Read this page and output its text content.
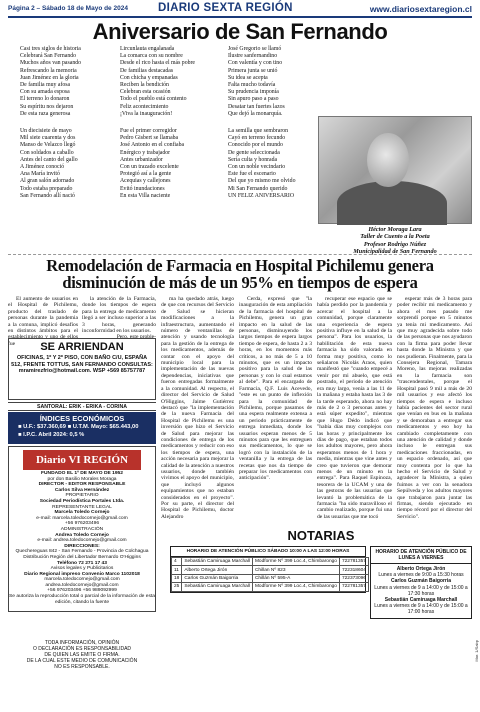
Página 2 – Sábado 18 de Mayo de 2024	DIARIO SEXTA REGIÓN	www.diariosextaregion.cl
Aniversario de San Fernando
Casi tres siglos de historia
Celebrará San Fernando
Muchos años van pasando
Refrescando la memoria
Juan Jiménez en la gloria
De familia muy afosa
Con su amada esposa
El terreno lo donaron
Su espíritu nos dejaron
De esta raza generosa
Lircunlauta engalanada
La comarca con su nombre
Desde el rico hasta el más pobre
De familias destacadas
Con chicha y empanadas
Reciben la bendición
Celebran esta ocasión
Todo el pueblo está contento
Feliz acontecimiento
¡Viva la inauguración!
José Gregorio se llamó
Ilustre sanfernandino
Con valentía y con tino
Primera junta se unió
Su idea se acepta
Falta mucho todavía
Su prudencia imponía
Sin apuro paso a paso
Desatar tan fuertes lazos
Que dejó la monarquía.
Un diecisiete de mayo
Mil siete cuarenta y dos
Manso de Velazco llegó
Con soldados a caballo
Antes del canto del gallo
A Jiménez conoció
Ana María invitó
Al gran salón adornado
Todo estaba preparado
San Fernando allí nació
Fue el primer corregidor
Pedro Gisbert se llamaba
José Antonio en el confiaba
Enérgico y trabajador
Antes urbanizador
Con un trazado excelente
Protegió así a la gente
Acequias y callejones
Evitó inundaciones
En esta Villa naciente
La semilla que sembraron
Cayó en terreno fecundo
Conocido por el mundo
De gente seleccionada
Sería culta y honrada
Con un noble vecindario
Este fue el escenario
Del que yo mismo me olvido
Mi San Fernando querido
UN FELIZ ANIVERSARIO
Héctor Moraga Lara
Taller de Cuento a la Poeta
Profesor Rodrigo Núñez
Municipalidad de San Fernando
Remodelación de Farmacia en Hospital Pichilemu genera disminución de más de un 95% en tiempos de espera
El aumento de usuarios en el Hospital de Pichilemu, producto del traslado de personas durante la pandemia a la comuna, implicó desafíos en distintos ámbitos para el establecimiento y uno de ellos fue
la atención de la Farmacia, donde los tiempos de espera para la entrega de medicamento llegó a ser incluso superior a las 3 horas, generando inconformidad en los usuarios.
Pero, este proble-
SE ARRIENDAN

OFICINAS, 1º Y 2º PISO, CON BAÑO C/U, ESPAÑA
512, FRENTE TOTTUS, SAN FERNANDO CONSULTAS:
mramirezfrio@hotmail.com. WSP +569 85757787

SANTORAL: ERIK - ERIKA - CORINA
ÍNDICES ECONÓMICOS
■ U.F.: $37.360,69 ■ U.T.M. Mayo: $65.443,00
■ I.P.C. Abril 2024: 0,5 %
Diario VI REGIÓN

FUNDADO EL 1º DE MAYO DE 1952

por don Basilio Morales Moraga

DIRECTOR - EDITOR RESPONSABLE

Carlos Silva Hernández

PROPIETARIO

Sociedad Periodística Portales Ltda.

REPRESENTANTE LEGAL

Marcela Toledo Cornejo

e-mail: marcela.toledocornejo@gmail.com

+56 976203496

ADMINISTRACIÓN

Andrea Toledo Cornejo

e-mail: andrea.toledocornejo@gmail.com

DIRECCIONES:

Quechereguas 842 - San Fernando - Provincia de Colchagua

Distribución Región del Libertador Bernardo O'Higgins

Teléfono 72 271 17 43

Avisos legales y Publicitarios

Diario Regional impreso Convenio Marco 1102018

marcela.toledocornejo@gmail.com andrea.toledocornejo@gmail.com

+56 976203496 +56 989092999

Se autoriza la reproducción total o parcial de la información de esta edición, citando la fuente

TODA INFORMACIÓN, OPINIÓN
O DECLARACIÓN ES RESPONSABILIDAD
DE QUIEN LAS EMITE O FIRMA.
DE LA CUAL ESTE MEDIO DE COMUNICACIÓN
NO ES RESPONSABLE.
ma ha quedado atrás, luego de que con recursos del Servicio de Salud se hicieran modificaciones a la infraestructura, aumentando el número de ventanillas de atención y usando tecnología para la gestión de la entrega de los medicamentos, además de contar con el apoyo del municipio local para la implementación de las nuevas dependencias, iniciativas que fueron entregadas formalmente a la comunidad. Al respecto, el director del Servicio de Salud O'Higgins, Jaime Gutiérrez destacó que "la implementación de la nueva Farmacia del Hospital de Pichilemu es una inversión que hizo el Servicio de Salud para mejorar las condiciones de entrega de los medicamentos y reducir con eso los tiempos de espera, una acción necesaria para mejorar la calidad de la atención a nuestros usuarios, donde también vivimos el apoyo del municipio, que incluyó algunos equipamientos que no estaban considerados en el proyecto". Por su parte, el director del Hospital de Pichilemu, doctor Alejandro
Cerda, expresó que "la inauguración de esta ampliación de la farmacia del hospital de Pichilemu, genera un gran impacto en la salud de las personas, disminuyendo los largos tiempos de espera largos tiempo de espera, de hasta 2 a 3 horas, en los momentos más críticos, a no más de 5 a 10 minutos, que es un impacto positivo para la salud de las personas y con lo cual estamos al debe". Para el encargado de Farmacia, Q.F. Luis Acevedo, "este es un punto de inflexión para la comunidad de Pichilemu, porque pasamos de una espera realmente extensa a un periodo prácticamente de entrega inmediata, donde los usuarios esperan menos de 5 minutos para que les entreguen sus medicamentos, lo que se logró con la instalación de la ventanilla y la entrega de las recetas que nos da tiempo de preparar los medicamentos con anticipación".
recuperar ese espacio que se había perdido por la pandemia y acercar el hospital a la comunidad, porque claramente una experiencia de espera positiva influye en la salud de la persona". Para los usuarios, la habilitación de esta nueva farmacia ha sido valorada en forma muy positiva, como lo señalaron Nicolás Araos, quien manifestó que "cuando empecé a venir por mi abuelo, que está postrado, el periodo de atención era muy largo, venía a las 11 de la mañana y estaba hasta las 3 de la tarde esperando, ahora no hay más de 2 o 3 personas antes y está súper expedito", mientras que Hugo Dédo indicó que "había días muy complejos con las horas y principalmente los días de pago, que estaban todos los adultos mayores, pero ahora esperamos menos de 1 hora y media, mientras que vine antes y creo que tuvieron que demorar menos de un minuto en la entrega". Para Raquel Espinoza, tesorera de la UCAM y una de las gestoras de las usuarias que levantó la problemática de la farmacia "ha sido maravilloso el cambio realizado, porque fui una de las usuarias que me tocó
esperar más de 3 horas para poder recibir mi medicamento y ahora el mes pasado me sorprendí porque en 5 minutos ya tenía mi medicamento. Así que muy agradecida sobre todo de las personas que nos ayudaron con la firma para poder llevar hasta donde la Ministra y que nos pudieran. Finalmente, para la Consejera Regional, Tamara Moreno, las mejoras realizadas en la farmacia son "trascendentales, porque el Hospital pasó 9 mil a más de 20 mil usuarios y eso afectó los tiempos de espera e incluso había pacientes del sector rural que venían en bus en la mañana y se demoraban a entregar sus medicamentos y eso hoy ha cambiado completamente con una atención de calidad y donde incluso le entregan sus medicaciones fraccionadas, en un espacio ordenado, así que muy contenta por lo que ha hecho el Servicio de Salud y agradecer la Ministra, a quien fuimos a ver con la senadora Sepúlveda y los adultos mayores que trabajaron para juntar las firmas, siendo ejecutado en tiempo récord por el director del Servicio".
NOTARIAS
HORARIO DE ATENCIÓN PÚBLICO SÁBADO 10:00 A LAS 12:00 HORAS
4	Sebastián Camiruaga Marchall	Modforme Nº 399 Loc.4, Chimbarongo	722781357
11	Alberto Ortega Jirón	Chillan Nº 823	722318604
18	Carlos Guzmán Baigorria	Chillán Nº 595-A	722373096
25	Sebastián Camiruaga Marchall	Modforme Nº 399 Loc.4, Chimbarongo	722781357
HORARIO DE ATENCIÓN PÚBLICO DE LUNES A VIERNES

Alberto Ortega Jirón

Lunes a viernes de 9:00 a 15:30 horas

Carlos Guzmán Baigorria

Lunes a viernes de 9 a 14:00 y de 15:00 a 17:30 horas

Sebastián Camiruaga Marchall

Lunes a viernes de 9 a 14:00 y de 15:00 a 17:00 horas

Mar. 1/Sabp
